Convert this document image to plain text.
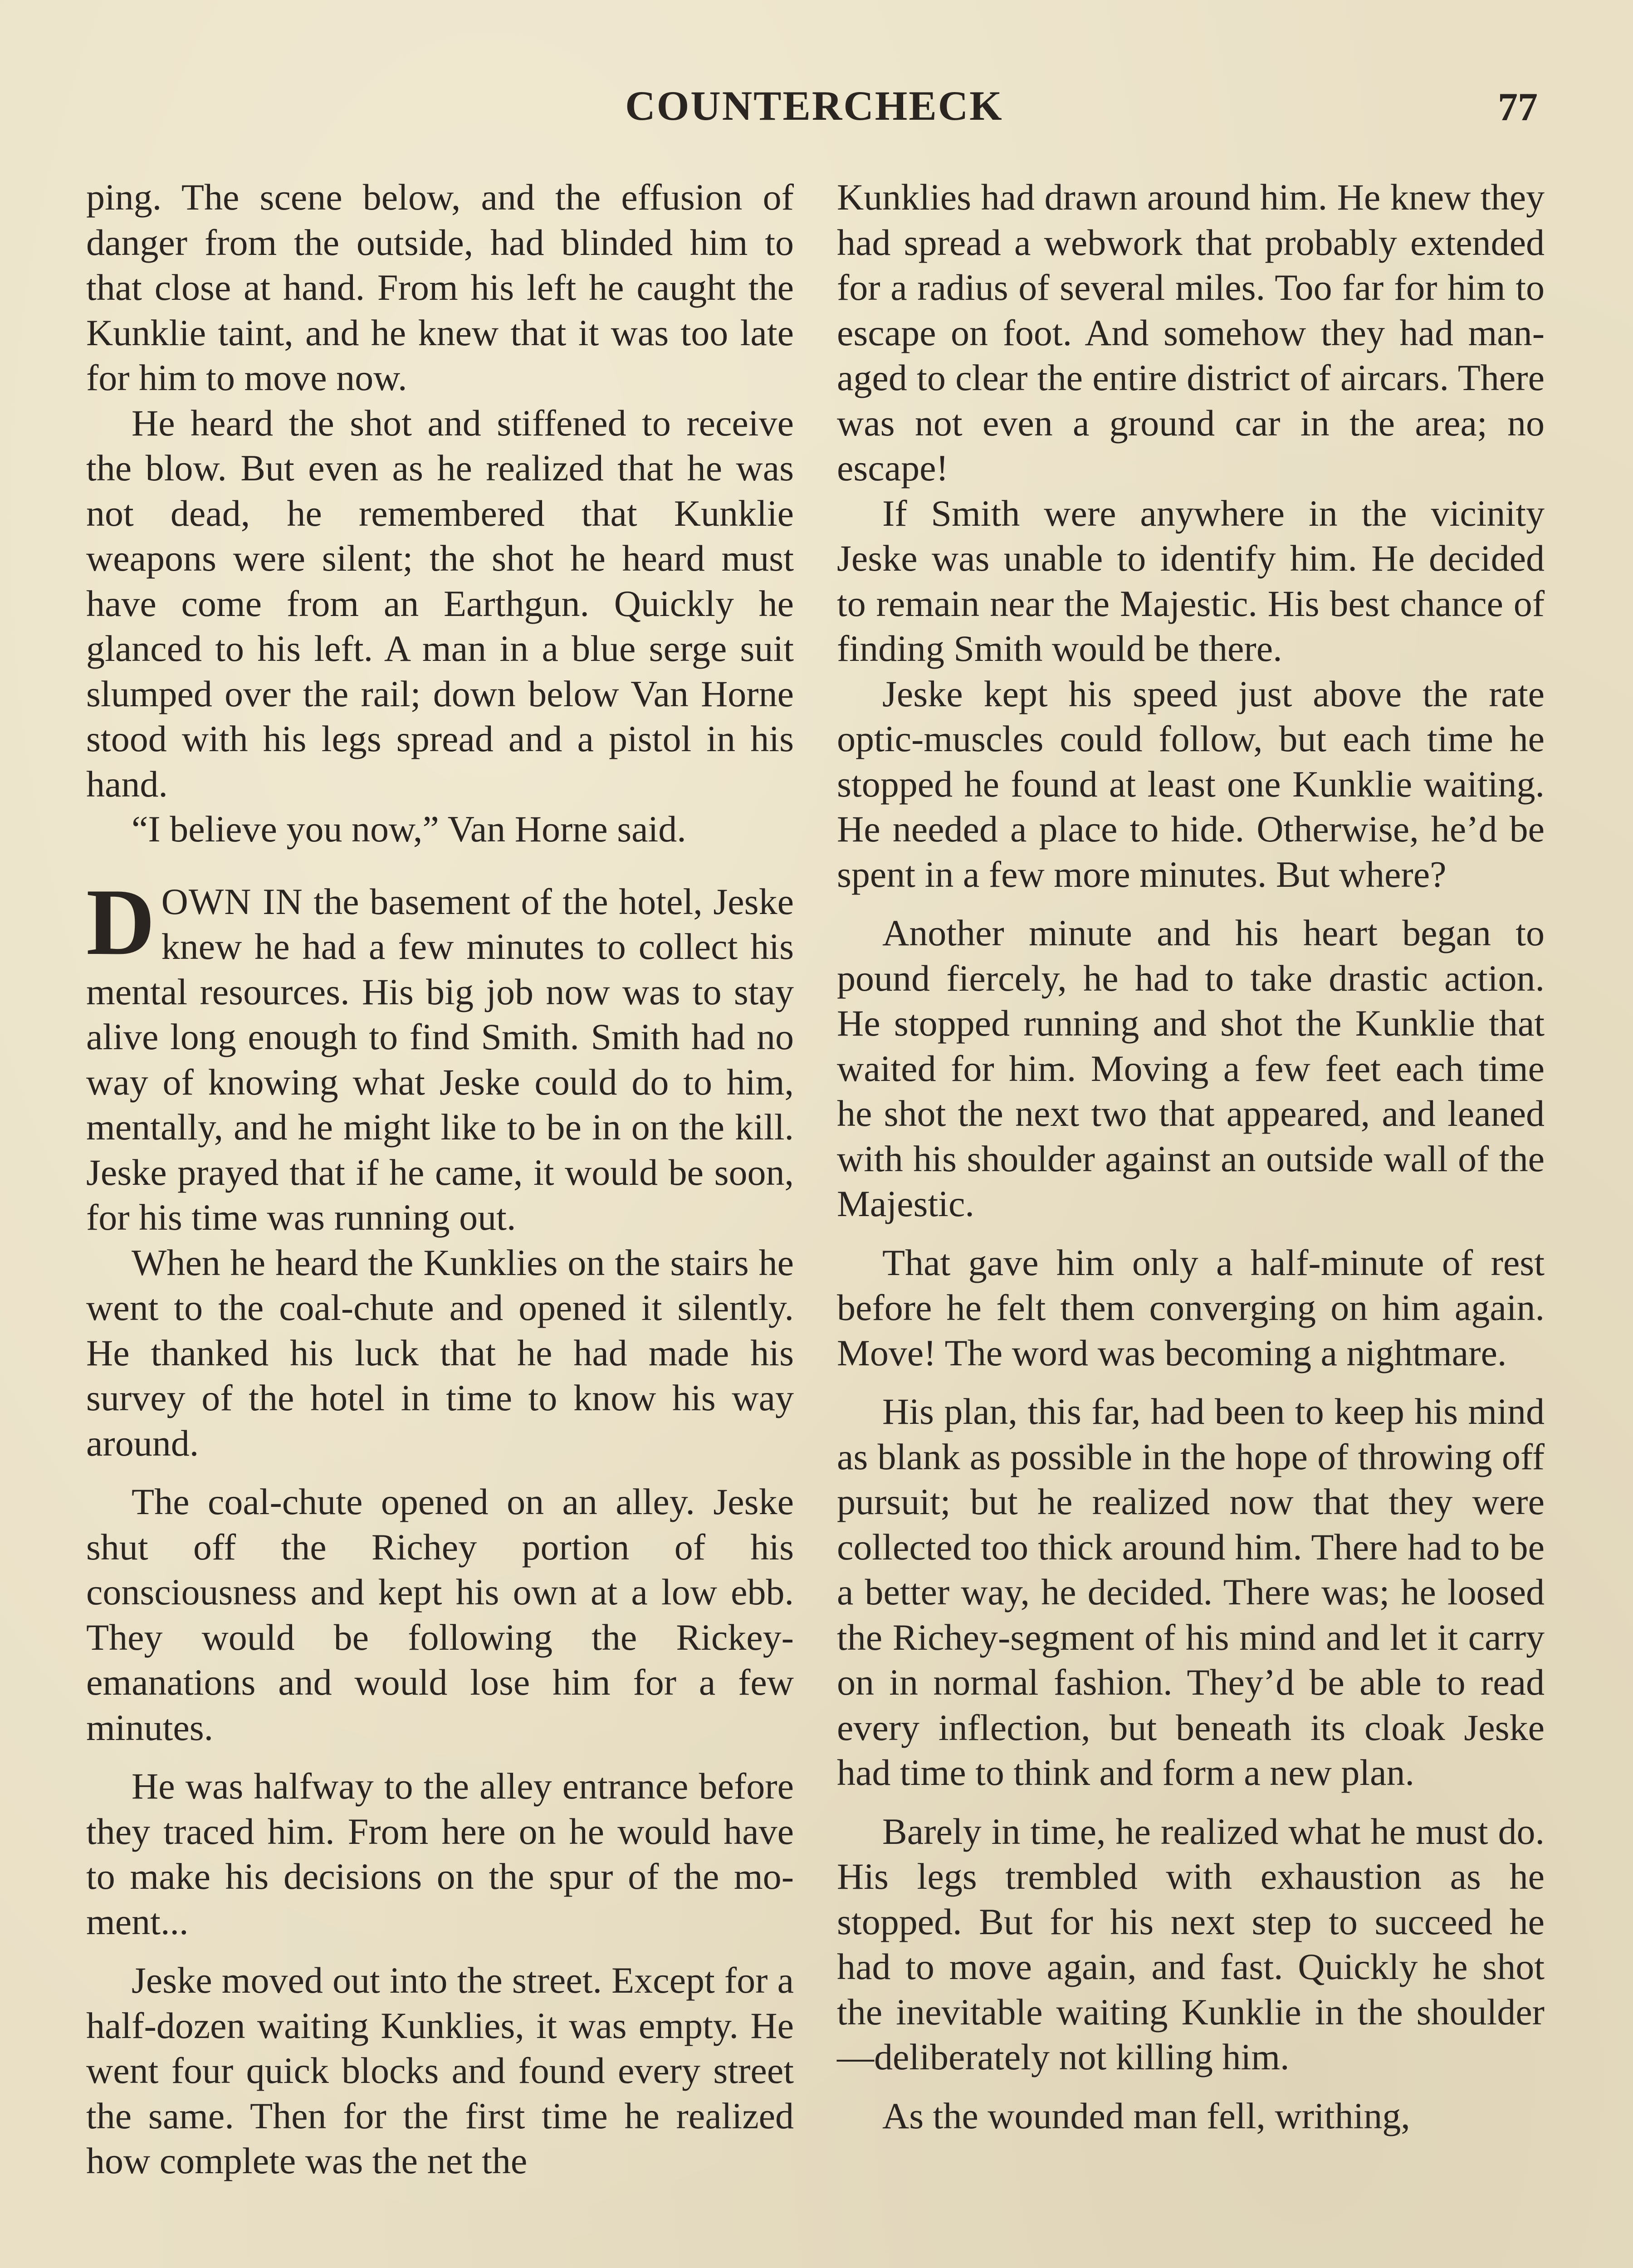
COUNTERCHECK	77

ping. The scene below, and the effusion of danger from the outside, had blinded him to that close at hand. From his left he caught the Kunklie taint, and he knew that it was too late for him to move now.

He heard the shot and stiffened to receive the blow. But even as he realized that he was not dead, he remembered that Kunklie weapons were silent; the shot he heard must have come from an Earthgun. Quickly he glanced to his left. A man in a blue serge suit slumped over the rail; down below Van Horne stood with his legs spread and a pistol in his hand.

“I believe you now,” Van Horne said.

DOWN IN the basement of the hotel, Jeske knew he had a few minutes to collect his mental resources. His big job now was to stay alive long enough to find Smith. Smith had no way of knowing what Jeske could do to him, mentally, and he might like to be in on the kill. Jeske prayed that if he came, it would be soon, for his time was running out.

When he heard the Kunklies on the stairs he went to the coal-chute and opened it silently. He thanked his luck that he had made his survey of the hotel in time to know his way around.

The coal-chute opened on an alley. Jeske shut off the Richey portion of his consciousness and kept his own at a low ebb. They would be following the Rickey-emanations and would lose him for a few minutes.

He was halfway to the alley entrance before they traced him. From here on he would have to make his decisions on the spur of the moment...

Jeske moved out into the street. Except for a half-dozen waiting Kunklies, it was empty. He went four quick blocks and found every street the same. Then for the first time he realized how complete was the net the

Kunklies had drawn around him. He knew they had spread a webwork that probably extended for a radius of several miles. Too far for him to escape on foot. And somehow they had managed to clear the entire district of aircars. There was not even a ground car in the area; no escape!

If Smith were anywhere in the vicinity Jeske was unable to identify him. He decided to remain near the Majestic. His best chance of finding Smith would be there.

Jeske kept his speed just above the rate optic-muscles could follow, but each time he stopped he found at least one Kunklie waiting. He needed a place to hide. Otherwise, he’d be spent in a few more minutes. But where?

Another minute and his heart began to pound fiercely, he had to take drastic action. He stopped running and shot the Kunklie that waited for him. Moving a few feet each time he shot the next two that appeared, and leaned with his shoulder against an outside wall of the Majestic.

That gave him only a half-minute of rest before he felt them converging on him again. Move! The word was becoming a nightmare.

His plan, this far, had been to keep his mind as blank as possible in the hope of throwing off pursuit; but he realized now that they were collected too thick around him. There had to be a better way, he decided. There was; he loosed the Richey-segment of his mind and let it carry on in normal fashion. They’d be able to read every inflection, but beneath its cloak Jeske had time to think and form a new plan.

Barely in time, he realized what he must do. His legs trembled with exhaustion as he stopped. But for his next step to succeed he had to move again, and fast. Quickly he shot the inevitable waiting Kunklie in the shoulder—deliberately not killing him.

As the wounded man fell, writhing,
